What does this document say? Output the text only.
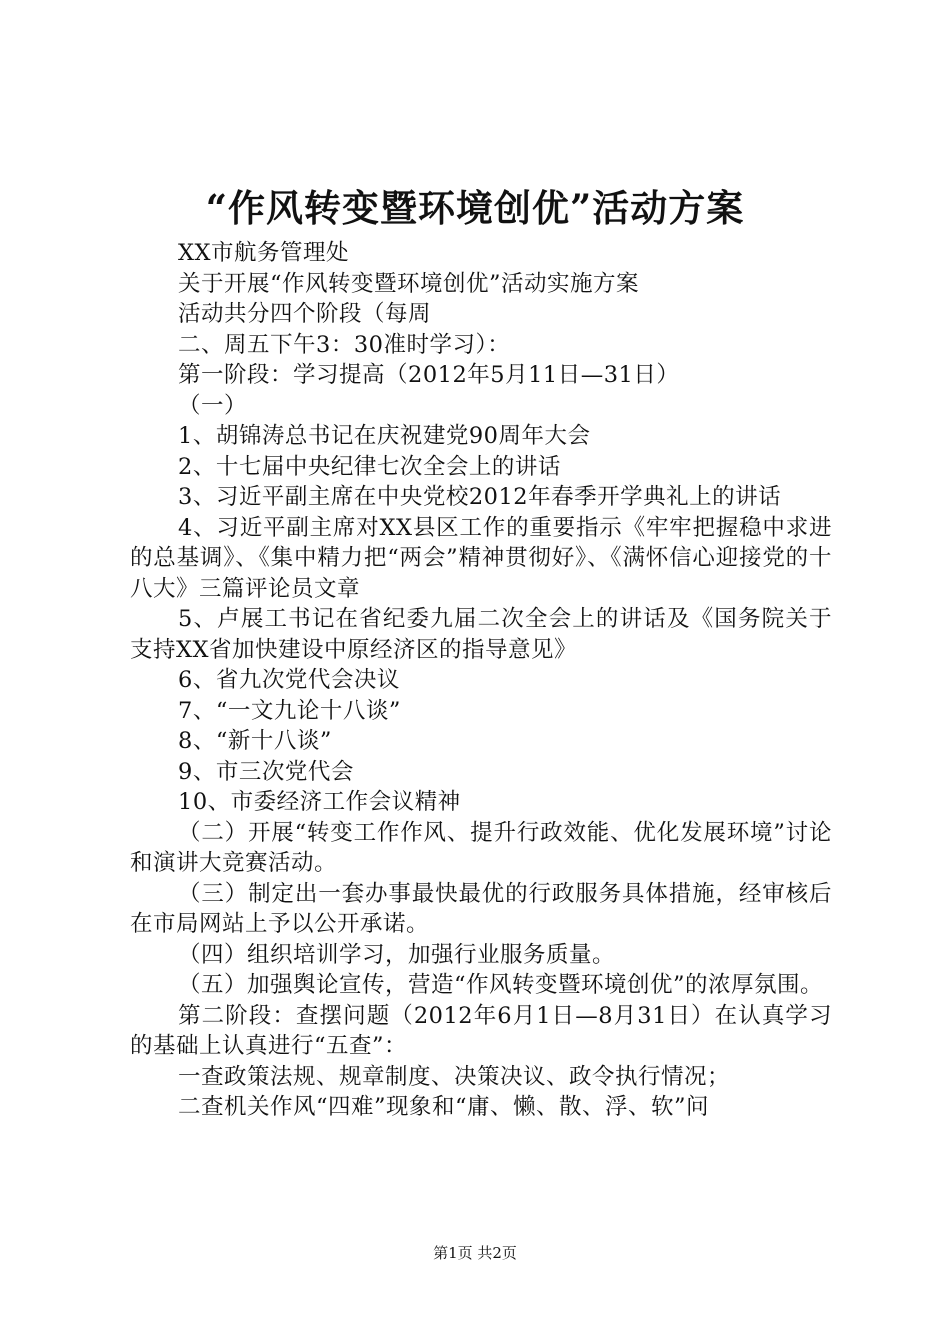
“作风转变暨环境创优”活动方案

XX市航务管理处

关于开展“作风转变暨环境创优”活动实施方案

活动共分四个阶段（每周

二、周五下午3：30准时学习）：

第一阶段：学习提高（2012年5月11日—31日）

（一）

1、胡锦涛总书记在庆祝建党90周年大会

2、十七届中央纪律七次全会上的讲话

3、习近平副主席在中央党校2012年春季开学典礼上的讲话

4、习近平副主席对XX县区工作的重要指示《牢牢把握稳中求进的总基调》、《集中精力把“两会”精神贯彻好》、《满怀信心迎接党的十八大》三篇评论员文章

5、卢展工书记在省纪委九届二次全会上的讲话及《国务院关于支持XX省加快建设中原经济区的指导意见》

6、省九次党代会决议

7、“一文九论十八谈”

8、“新十八谈”

9、市三次党代会

10、市委经济工作会议精神

（二）开展“转变工作作风、提升行政效能、优化发展环境”讨论和演讲大竞赛活动。

（三）制定出一套办事最快最优的行政服务具体措施，经审核后在市局网站上予以公开承诺。

（四）组织培训学习，加强行业服务质量。

（五）加强舆论宣传，营造“作风转变暨环境创优”的浓厚氛围。

第二阶段：查摆问题（2012年6月1日—8月31日）在认真学习的基础上认真进行“五查”：

一查政策法规、规章制度、决策决议、政令执行情况；

二查机关作风“四难”现象和“庸、懒、散、浮、软”问

第1页 共2页
